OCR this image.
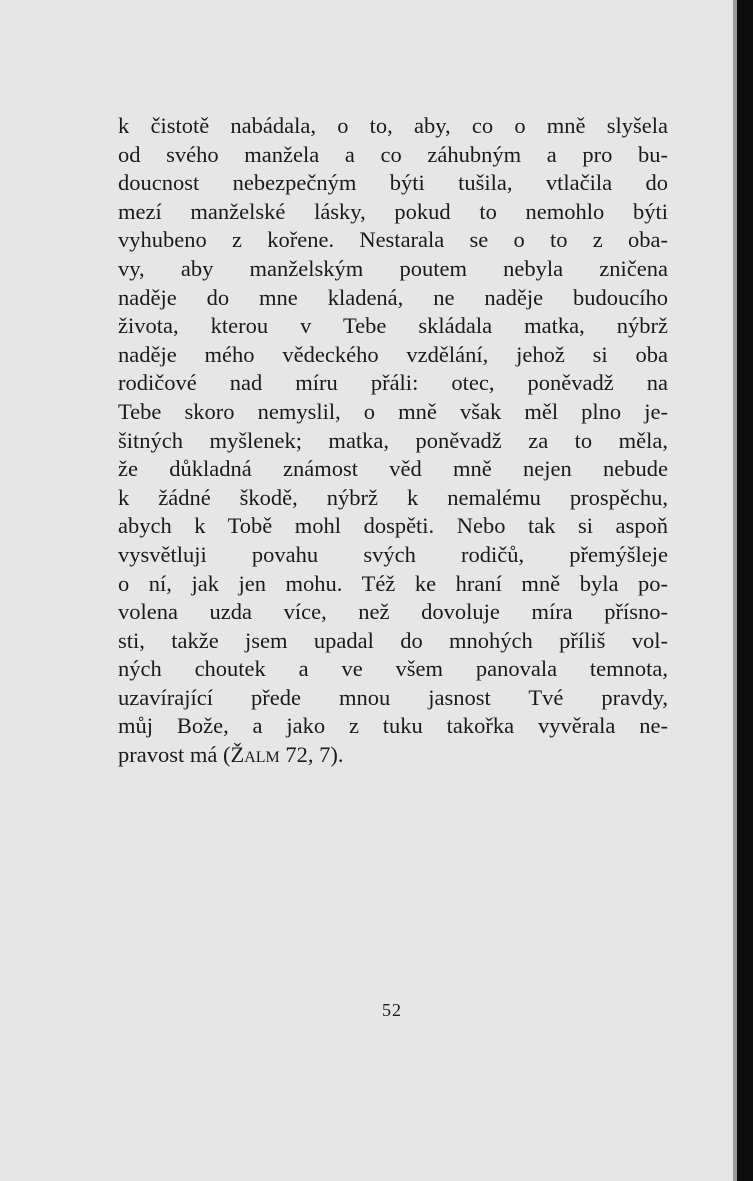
k čistotě nabádala, o to, aby, co o mně slyšela
od svého manžela a co záhubným a pro bu-
doucnost nebezpečným býti tušila, vtlačila do
mezí manželské lásky, pokud to nemohlo býti
vyhubeno z kořene. Nestarala se o to z oba-
vy, aby manželským poutem nebyla zničena
naděje do mne kladená, ne naděje budoucího
života, kterou v Tebe skládala matka, nýbrž
naděje mého vědeckého vzdělání, jehož si oba
rodičové nad míru přáli: otec, poněvadž na
Tebe skoro nemyslil, o mně však měl plno je-
šitných myšlenek; matka, poněvadž za to měla,
že důkladná známost věd mně nejen nebude
k žádné škodě, nýbrž k nemalému prospěchu,
abych k Tobě mohl dospěti. Nebo tak si aspoň
vysvětluji povahu svých rodičů, přemýšleje
o ní, jak jen mohu. Též ke hraní mně byla po-
volena uzda více, než dovoluje míra přísno-
sti, takže jsem upadal do mnohých příliš vol-
ných choutek a ve všem panovala temnota,
uzavírající přede mnou jasnost Tvé pravdy,
můj Bože, a jako z tuku takořka vyvěrala ne-
pravost má (Žalm 72, 7).
52
